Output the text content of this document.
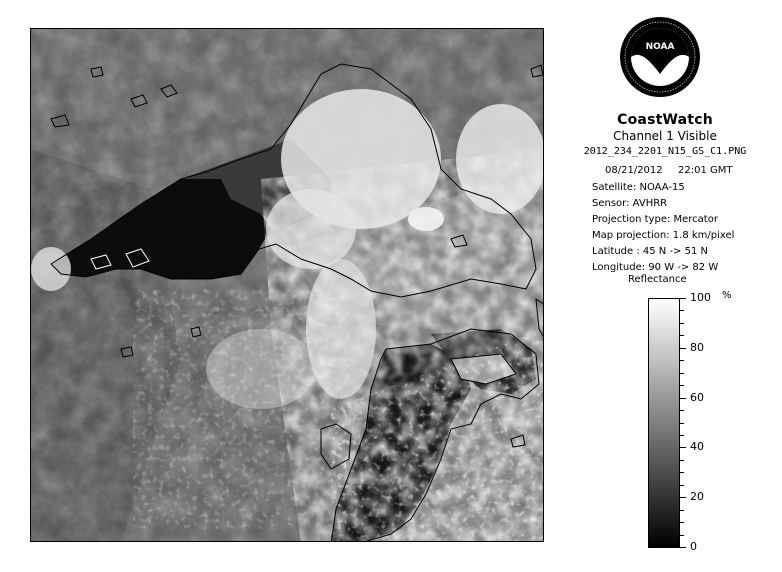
NOAA
CoastWatch
Channel 1 Visible
2012_234_2201_N15_GS_C1.PNG
08/21/2012 22:01 GMT
Satellite: NOAA-15
Sensor: AVHRR
Projection type: Mercator
Map projection: 1.8 km/pixel
Latitude : 45 N -> 51 N
Longitude: 90 W -> 82 W
Reflectance
%
100
80
60
40
20
0
